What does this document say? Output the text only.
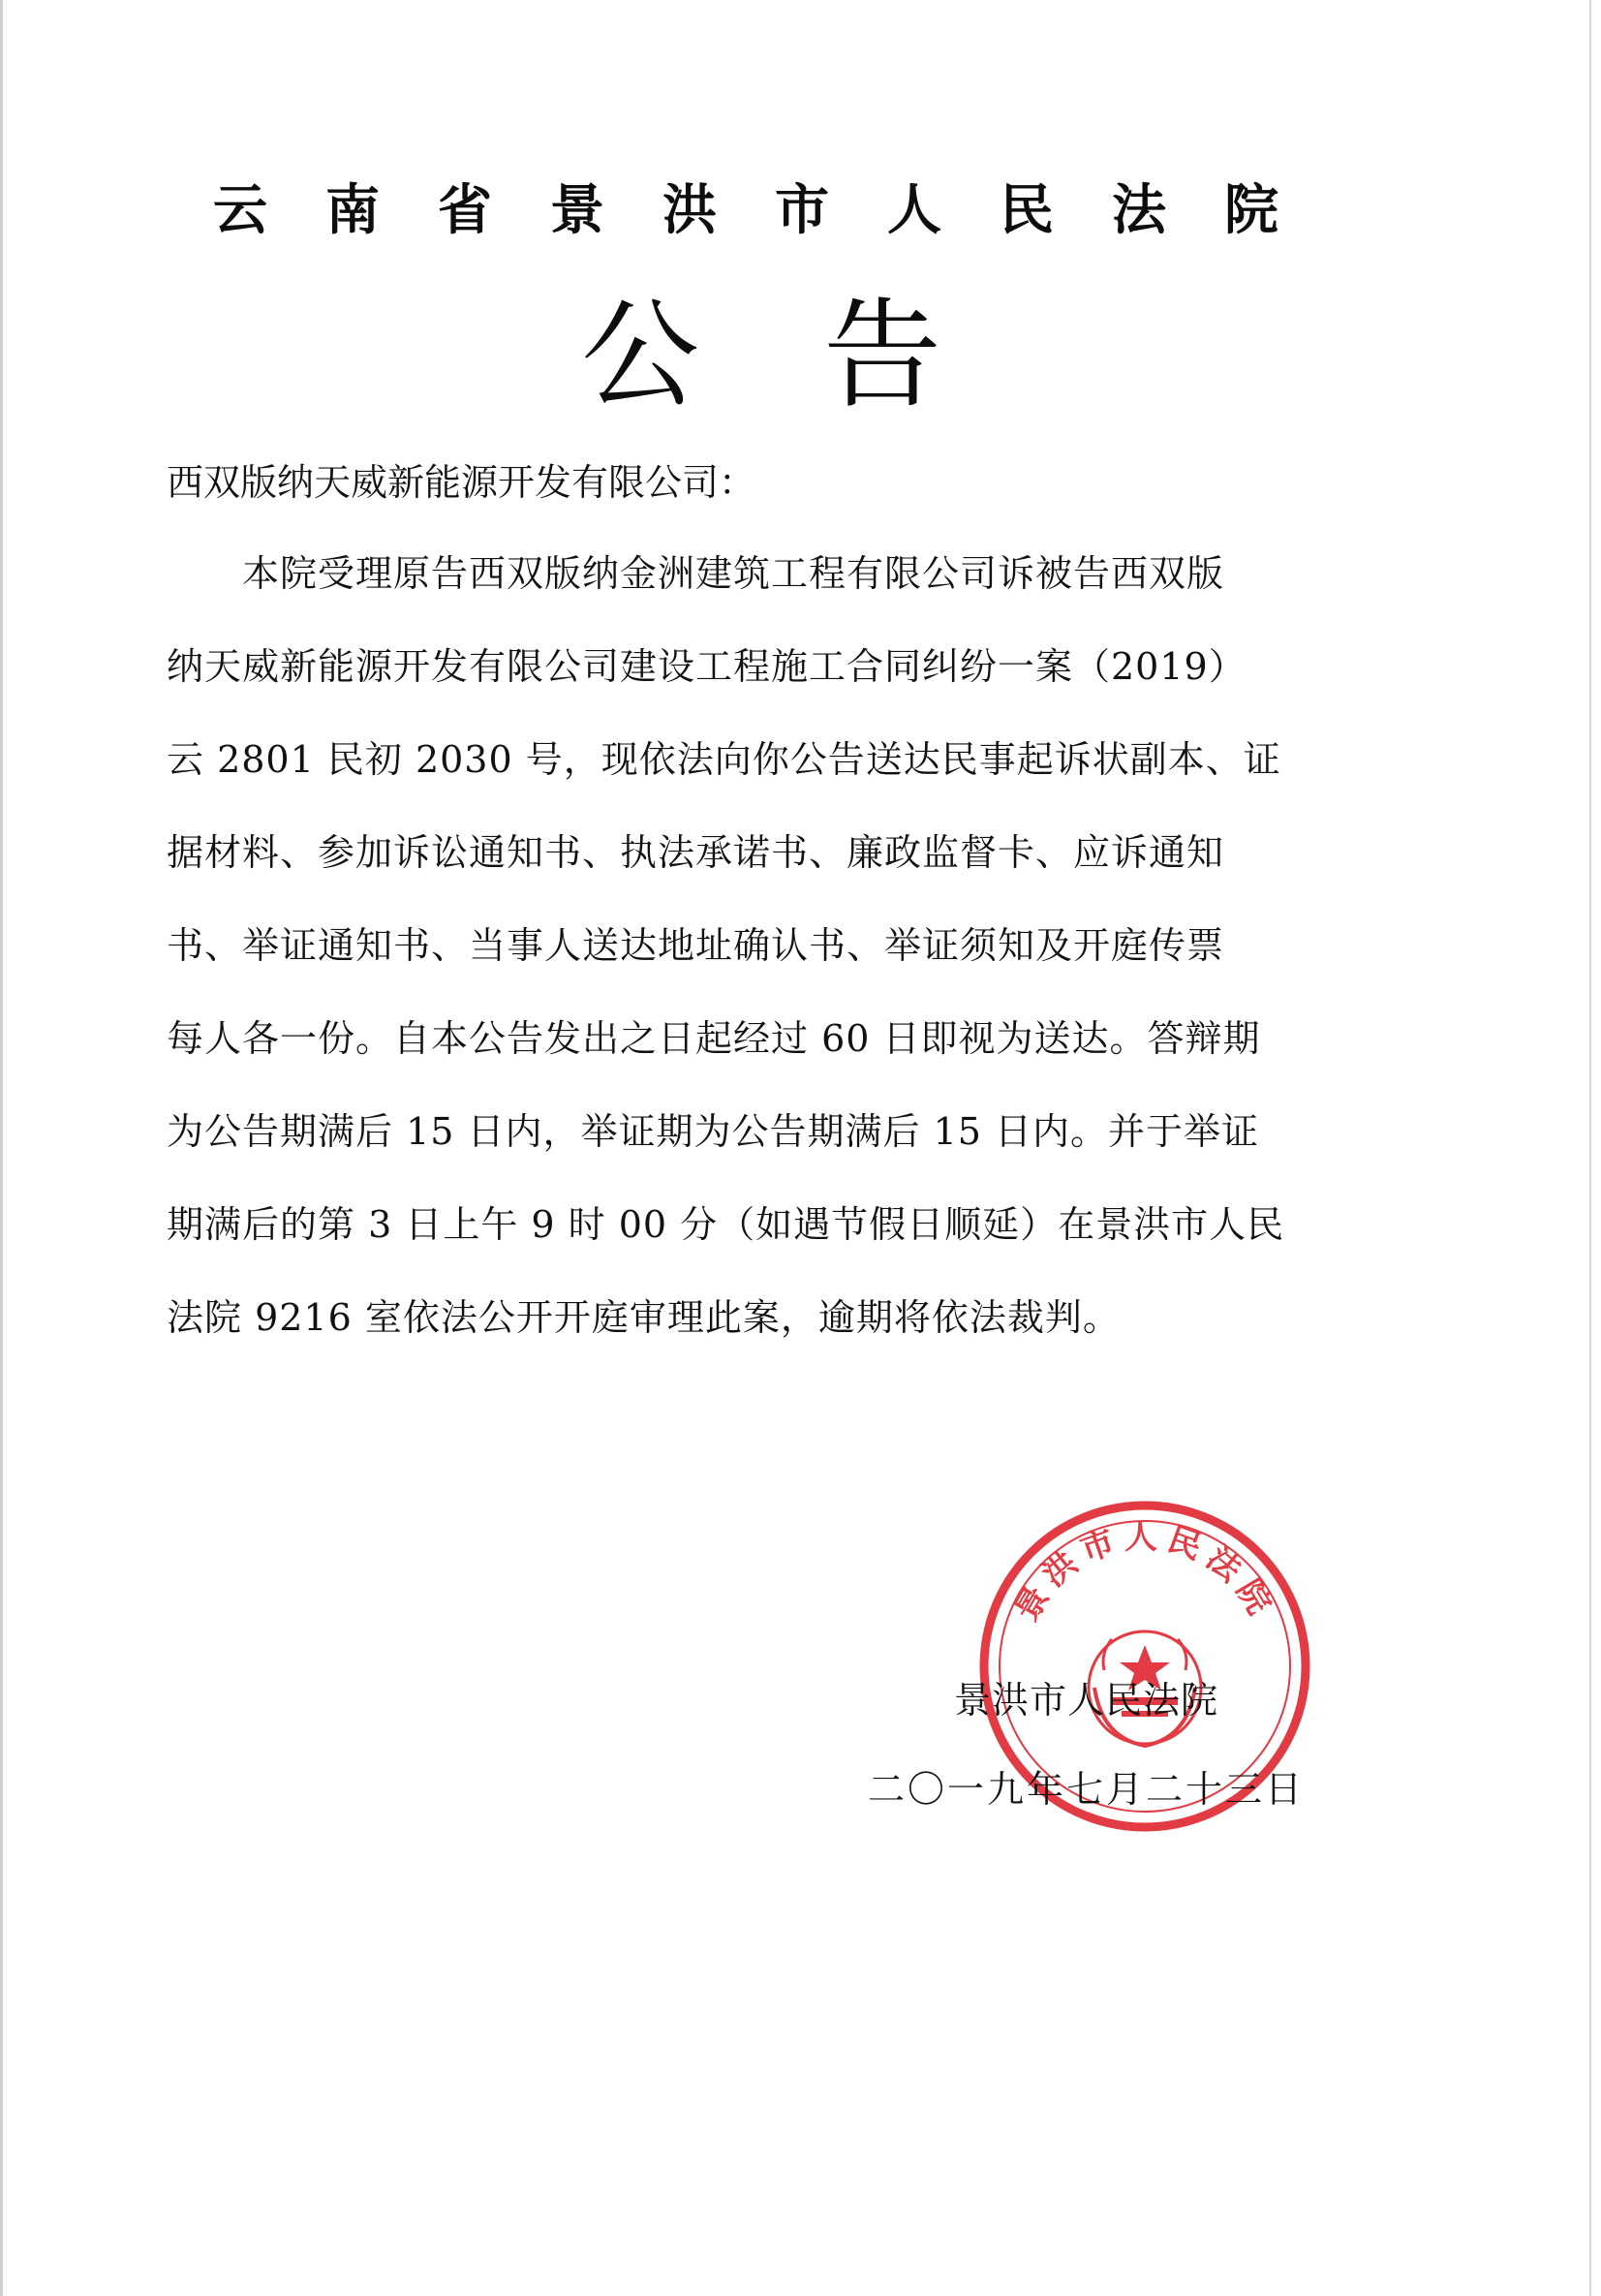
云南省景洪市人民法院
公告
西双版纳天威新能源开发有限公司：
本院受理原告西双版纳金洲建筑工程有限公司诉被告西双版
纳天威新能源开发有限公司建设工程施工合同纠纷一案（2019）
云 2801 民初 2030 号，现依法向你公告送达民事起诉状副本、证
据材料、参加诉讼通知书、执法承诺书、廉政监督卡、应诉通知
书、举证通知书、当事人送达地址确认书、举证须知及开庭传票
每人各一份。自本公告发出之日起经过 60 日即视为送达。答辩期
为公告期满后 15 日内，举证期为公告期满后 15 日内。并于举证
期满后的第 3 日上午 9 时 00 分（如遇节假日顺延）在景洪市人民
法院 9216 室依法公开开庭审理此案，逾期将依法裁判。
景洪市人民法院
景洪市人民法院
二〇一九年七月二十三日
